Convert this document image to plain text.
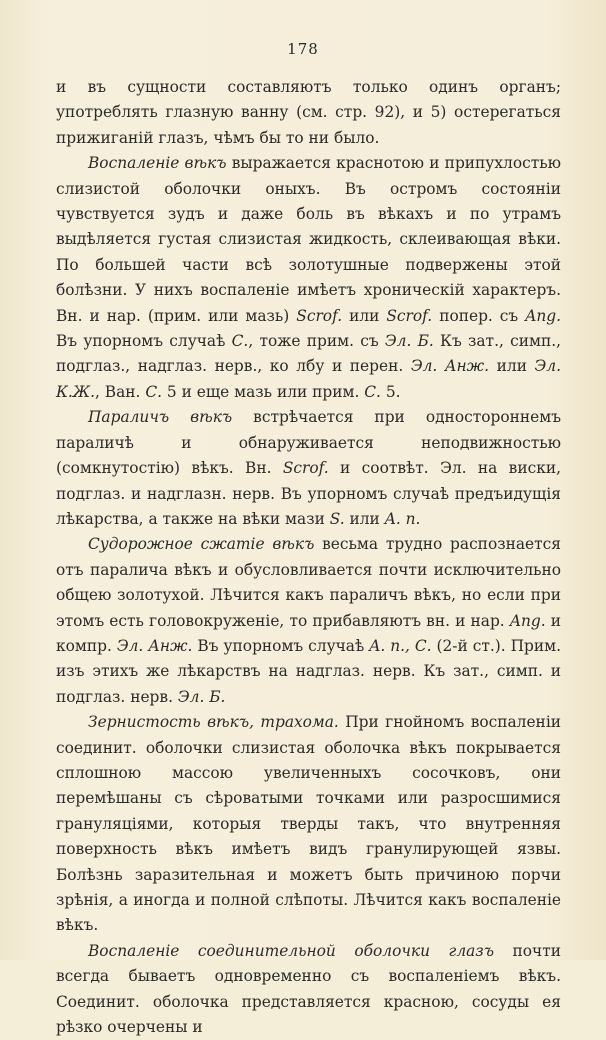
178

и въ сущности составляютъ только одинъ органъ; употреблять глазную ванну (см. стр. 92), и 5) остерегаться прижиганiй глазъ, чѣмъ бы то ни было.

Воспаленiе вѣкъ выражается краснотою и припухлостью слизистой оболочки оныхъ. Въ остромъ состоянiи чувствуется зудъ и даже боль въ вѣкахъ и по утрамъ выдѣляется густая слизистая жидкость, склеивающая вѣки. По большей части всѣ золотушные подвержены этой болѣзни. У нихъ воспаленiе имѣетъ хроническiй характеръ. Вн. и нар. (прим. или мазь) Scrof. или Scrof. попер. съ Ang. Въ упорномъ случаѣ С., тоже прим. съ Эл. Б. Къ зат., симп., подглаз., надглаз. нерв., ко лбу и перен. Эл. Анж. или Эл. К.Ж., Ван. С. 5 и еще мазь или прим. С. 5.

Параличъ вѣкъ встрѣчается при одностороннемъ параличѣ и обнаруживается неподвижностью (сомкнутостiю) вѣкъ. Вн. Scrof. и соотвѣт. Эл. на виски, подглаз. и надглазн. нерв. Въ упорномъ случаѣ предъидущiя лѣкарства, а также на вѣки мази S. или A. n.

Судорожное сжатiе вѣкъ весьма трудно распознается отъ паралича вѣкъ и обусловливается почти исключительно общею золотухой. Лѣчится какъ параличъ вѣкъ, но если при этомъ есть головокруженiе, то прибавляютъ вн. и нар. Ang. и компр. Эл. Анж. Въ упорномъ случаѣ A. n., С. (2-й ст.). Прим. изъ этихъ же лѣкарствъ на надглаз. нерв. Къ зат., симп. и подглаз. нерв. Эл. Б.

Зернистость вѣкъ, трахома. При гнойномъ воспаленiи соединит. оболочки слизистая оболочка вѣкъ покрывается сплошною массою увеличенныхъ сосочковъ, они перемѣшаны съ сѣроватыми точками или разросшимися грануляцiями, которыя тверды такъ, что внутренняя поверхность вѣкъ имѣетъ видъ гранулирующей язвы. Болѣзнь заразительная и можетъ быть причиною порчи зрѣнiя, а иногда и полной слѣпоты. Лѣчится какъ воспаленiе вѣкъ.

Воспаленiе соединительной оболочки глазъ почти всегда бываетъ одновременно съ воспаленiемъ вѣкъ. Соединит. оболочка представляется красною, сосуды ея рѣзко очерчены и
